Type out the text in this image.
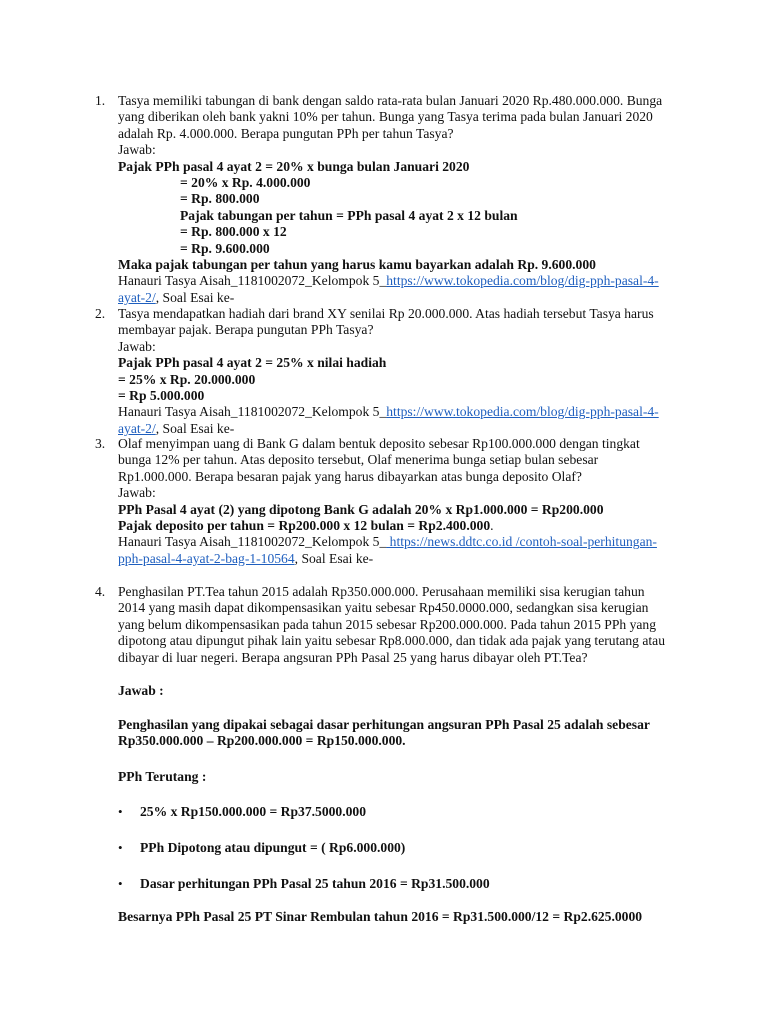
1. Tasya memiliki tabungan di bank dengan saldo rata-rata bulan Januari 2020 Rp.480.000.000. Bunga
yang diberikan oleh bank yakni 10% per tahun. Bunga yang Tasya terima pada bulan Januari 2020
adalah Rp. 4.000.000. Berapa pungutan PPh per tahun Tasya?
Jawab:
Pajak PPh pasal 4 ayat 2 = 20% x bunga bulan Januari 2020
= 20% x Rp. 4.000.000
= Rp. 800.000
Pajak tabungan per tahun = PPh pasal 4 ayat 2 x 12 bulan
= Rp. 800.000 x 12
= Rp. 9.600.000
Maka pajak tabungan per tahun yang harus kamu bayarkan adalah Rp. 9.600.000
Hanauri Tasya Aisah_1181002072_Kelompok 5_https://www.tokopedia.com/blog/dig-pph-pasal-4-
ayat-2/, Soal Esai ke-
2. Tasya mendapatkan hadiah dari brand XY senilai Rp 20.000.000. Atas hadiah tersebut Tasya harus
membayar pajak. Berapa pungutan PPh Tasya?
Jawab:
Pajak PPh pasal 4 ayat 2 = 25% x nilai hadiah
= 25% x Rp. 20.000.000
= Rp 5.000.000
Hanauri Tasya Aisah_1181002072_Kelompok 5_https://www.tokopedia.com/blog/dig-pph-pasal-4-
ayat-2/, Soal Esai ke-
3. Olaf menyimpan uang di Bank G dalam bentuk deposito sebesar Rp100.000.000 dengan tingkat
bunga 12% per tahun. Atas deposito tersebut, Olaf menerima bunga setiap bulan sebesar
Rp1.000.000. Berapa besaran pajak yang harus dibayarkan atas bunga deposito Olaf?
Jawab:
PPh Pasal 4 ayat (2) yang dipotong Bank G adalah 20% x Rp1.000.000 = Rp200.000
Pajak deposito per tahun = Rp200.000 x 12 bulan = Rp2.400.000.
Hanauri Tasya Aisah_1181002072_Kelompok 5_ https://news.ddtc.co.id /contoh-soal-perhitungan-
pph-pasal-4-ayat-2-bag-1-10564, Soal Esai ke-
4. Penghasilan PT.Tea tahun 2015 adalah Rp350.000.000. Perusahaan memiliki sisa kerugian tahun
2014 yang masih dapat dikompensasikan yaitu sebesar Rp450.0000.000, sedangkan sisa kerugian
yang belum dikompensasikan pada tahun 2015 sebesar Rp200.000.000. Pada tahun 2015 PPh yang
dipotong atau dipungut pihak lain yaitu sebesar Rp8.000.000, dan tidak ada pajak yang terutang atau
dibayar di luar negeri. Berapa angsuran PPh Pasal 25 yang harus dibayar oleh PT.Tea?
Jawab :
Penghasilan yang dipakai sebagai dasar perhitungan angsuran PPh Pasal 25 adalah sebesar
Rp350.000.000 – Rp200.000.000 = Rp150.000.000.
PPh Terutang :
• 25% x Rp150.000.000 = Rp37.5000.000
• PPh Dipotong atau dipungut = ( Rp6.000.000)
• Dasar perhitungan PPh Pasal 25 tahun 2016 = Rp31.500.000
Besarnya PPh Pasal 25 PT Sinar Rembulan tahun 2016 = Rp31.500.000/12 = Rp2.625.0000
